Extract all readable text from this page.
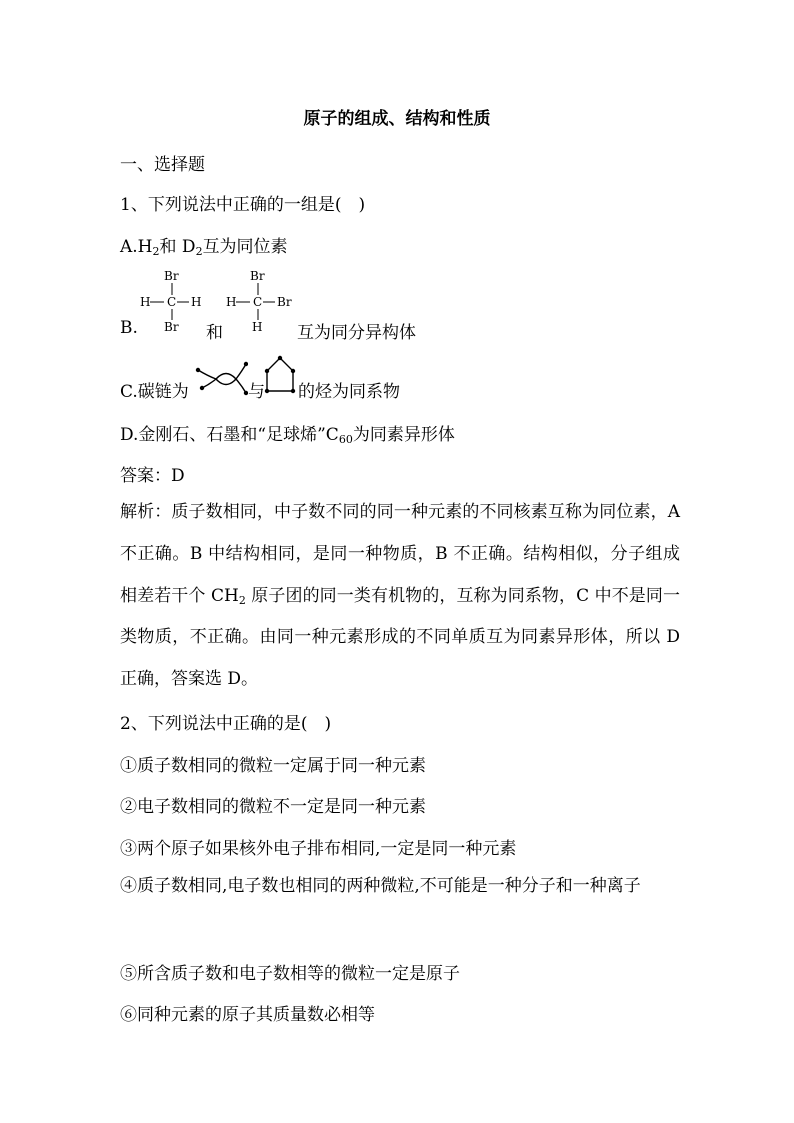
原子的组成、结构和性质
一、选择题
1、下列说法中正确的一组是(　)
$A.H_2$和 $D_2$互为同位素
B.
Br
H C H
Br 和
Br
H C Br
H 互为同分异构体
C.碳链为	与 的烃为同系物
D.金刚石、石墨和“足球烯$”C_{60}$为同素异形体
答案：D
解析：质子数相同，中子数不同的同一种元素的不同核素互称为同位素，A 不正确。B 中结构相同，是同一种物质，B 不正确。结构相似，分子组成相差若干个 $CH_2$ 原子团的同一类有机物的，互称为同系物，C 中不是同一类物质，不正确。由同一种元素形成的不同单质互为同素异形体，所以 D 正确，答案选 D。
2、下列说法中正确的是(　)
①质子数相同的微粒一定属于同一种元素
②电子数相同的微粒不一定是同一种元素
③两个原子如果核外电子排布相同,一定是同一种元素
④质子数相同,电子数也相同的两种微粒,不可能是一种分子和一种离子
⑤所含质子数和电子数相等的微粒一定是原子
⑥同种元素的原子其质量数必相等
